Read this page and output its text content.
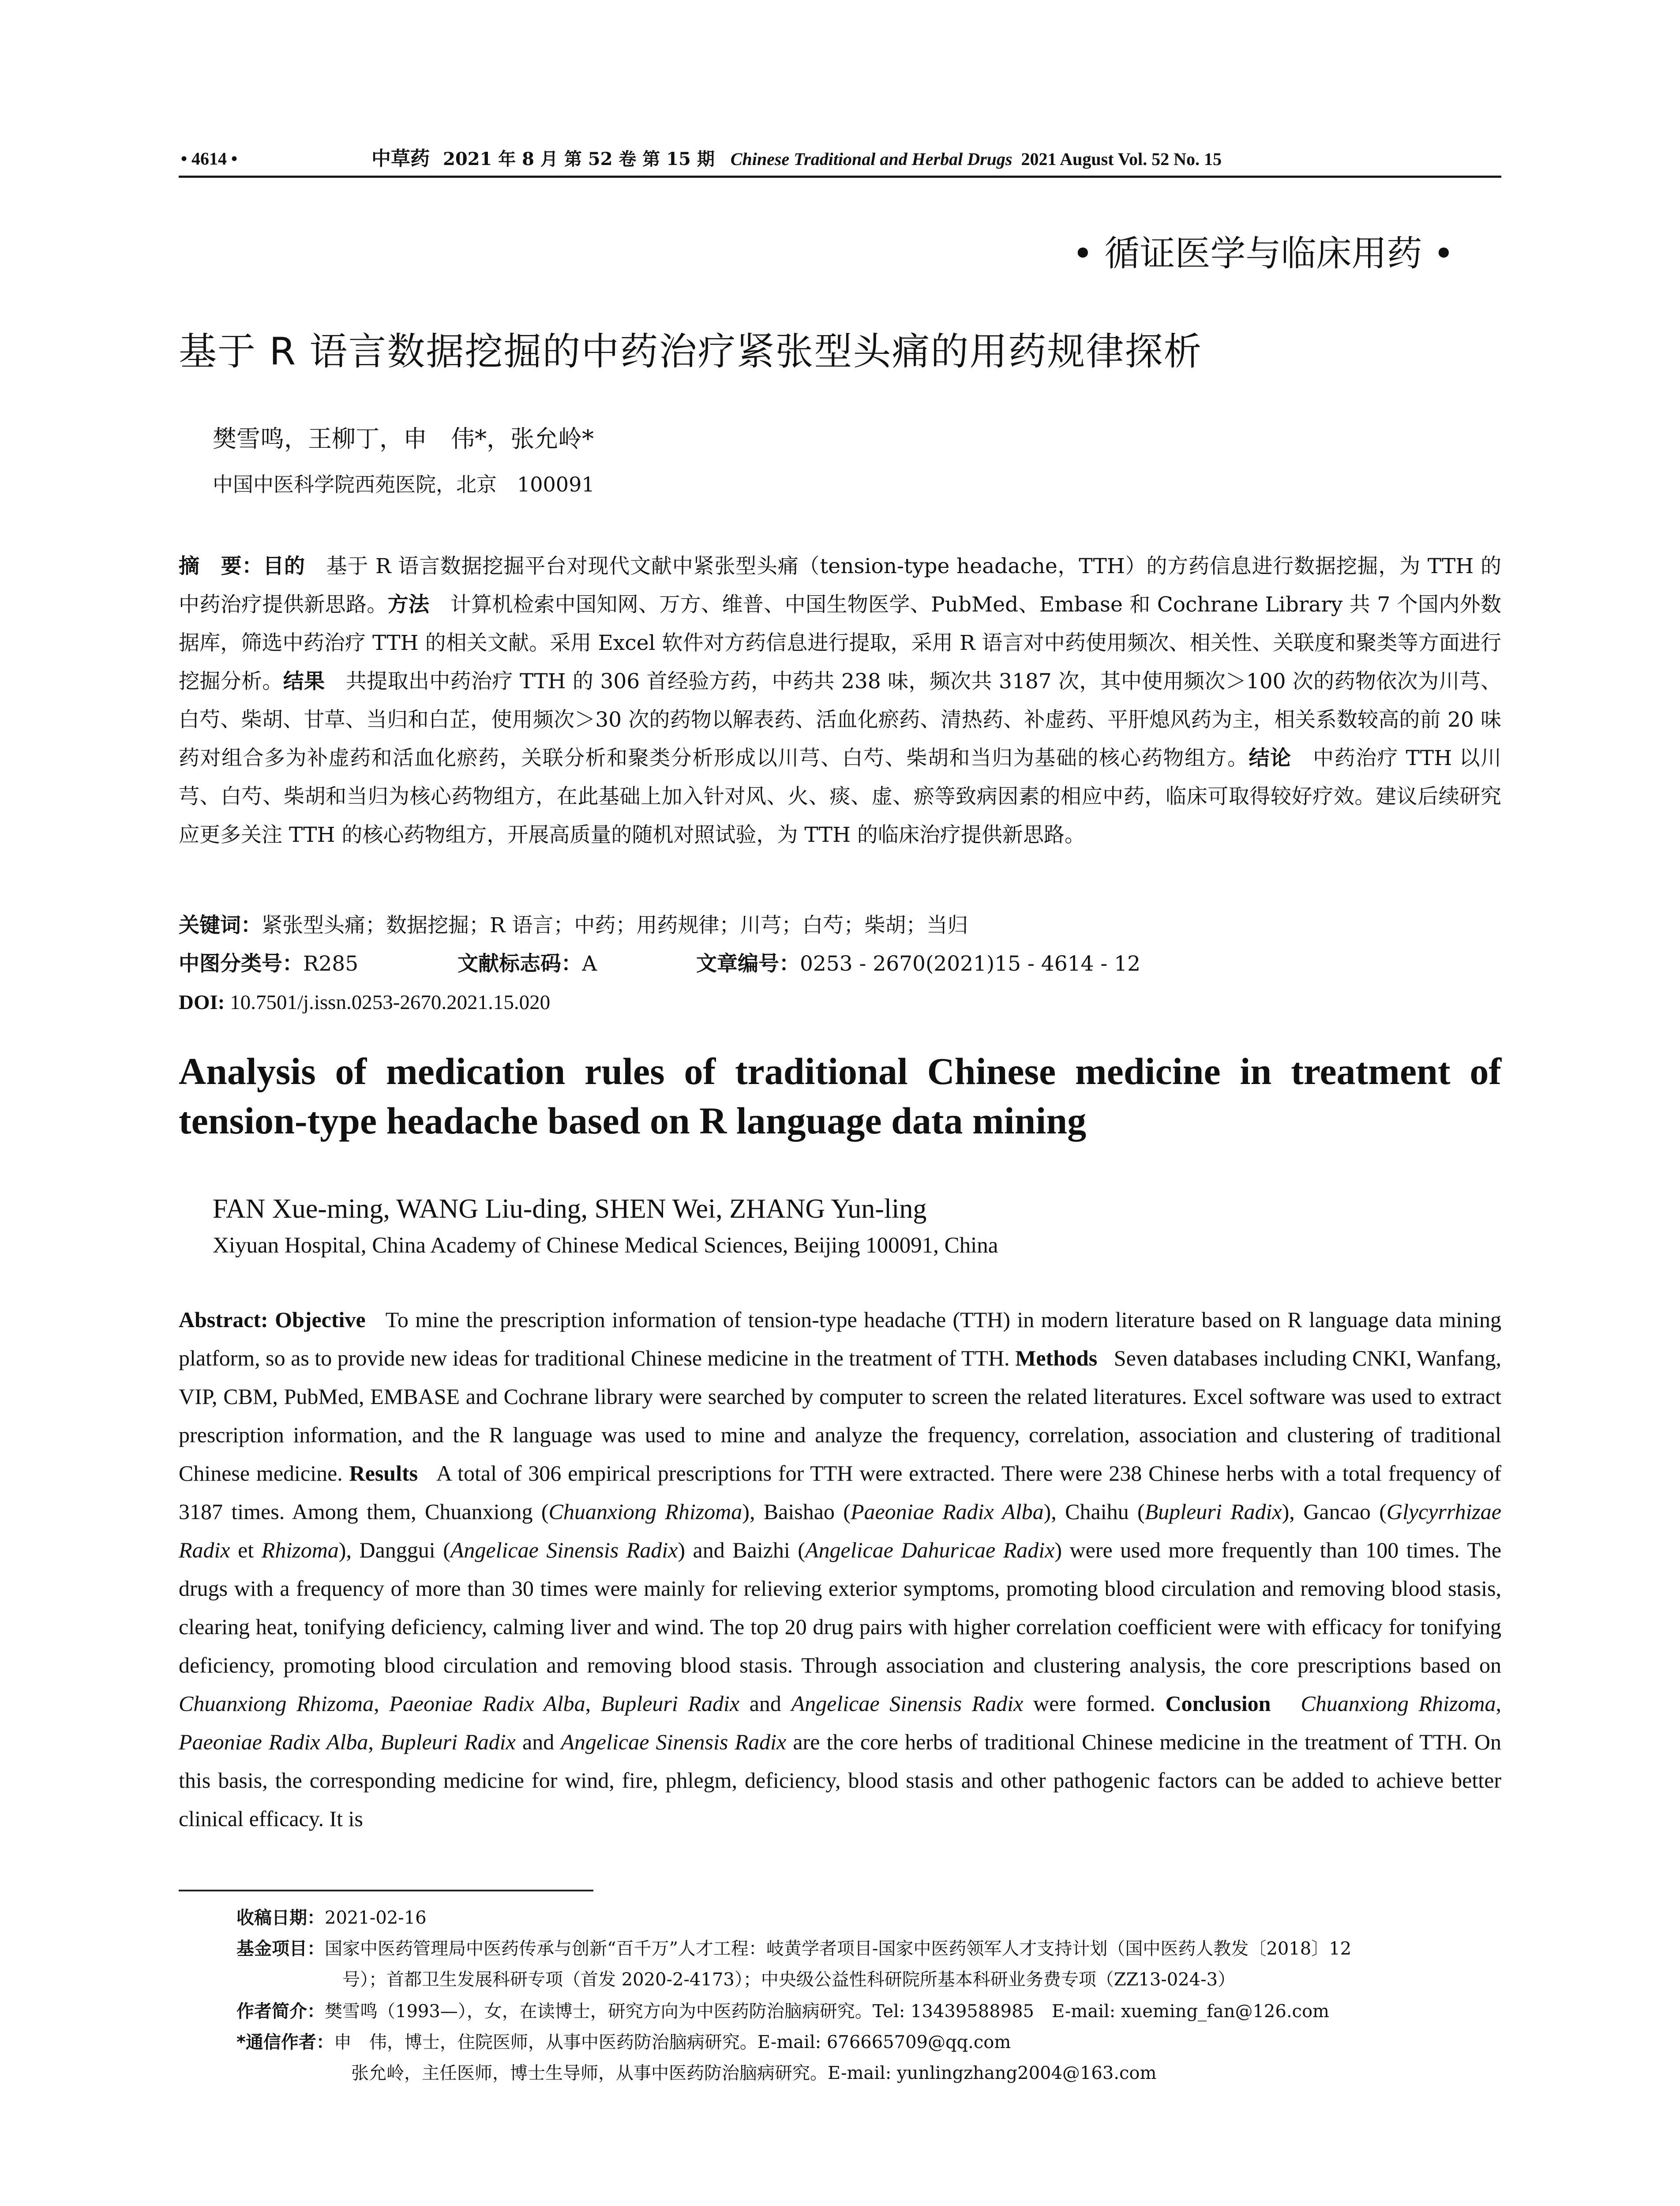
• 4614 •	中草药 2021 年 8 月 第 52 卷 第 15 期 Chinese Traditional and Herbal Drugs 2021 August Vol. 52 No. 15
• 循证医学与临床用药 •
基于 R 语言数据挖掘的中药治疗紧张型头痛的用药规律探析
樊雪鸣，王柳丁，申　伟*，张允岭*
中国中医科学院西苑医院，北京　100091
摘　要：目的　基于 R 语言数据挖掘平台对现代文献中紧张型头痛（tension-type headache，TTH）的方药信息进行数据挖掘，为 TTH 的中药治疗提供新思路。方法　计算机检索中国知网、万方、维普、中国生物医学、PubMed、Embase 和 Cochrane Library 共 7 个国内外数据库，筛选中药治疗 TTH 的相关文献。采用 Excel 软件对方药信息进行提取，采用 R 语言对中药使用频次、相关性、关联度和聚类等方面进行挖掘分析。结果　共提取出中药治疗 TTH 的 306 首经验方药，中药共 238 味，频次共 3187 次，其中使用频次＞100 次的药物依次为川芎、白芍、柴胡、甘草、当归和白芷，使用频次＞30 次的药物以解表药、活血化瘀药、清热药、补虚药、平肝熄风药为主，相关系数较高的前 20 味药对组合多为补虚药和活血化瘀药，关联分析和聚类分析形成以川芎、白芍、柴胡和当归为基础的核心药物组方。结论　中药治疗 TTH 以川芎、白芍、柴胡和当归为核心药物组方，在此基础上加入针对风、火、痰、虚、瘀等致病因素的相应中药，临床可取得较好疗效。建议后续研究应更多关注 TTH 的核心药物组方，开展高质量的随机对照试验，为 TTH 的临床治疗提供新思路。
关键词：紧张型头痛；数据挖掘；R 语言；中药；用药规律；川芎；白芍；柴胡；当归
中图分类号：R285	文献标志码：A	文章编号：0253 - 2670(2021)15 - 4614 - 12
DOI: 10.7501/j.issn.0253-2670.2021.15.020
Analysis of medication rules of traditional Chinese medicine in treatment of tension-type headache based on R language data mining
FAN Xue-ming, WANG Liu-ding, SHEN Wei, ZHANG Yun-ling
Xiyuan Hospital, China Academy of Chinese Medical Sciences, Beijing 100091, China
Abstract: Objective To mine the prescription information of tension-type headache (TTH) in modern literature based on R language data mining platform, so as to provide new ideas for traditional Chinese medicine in the treatment of TTH. Methods Seven databases including CNKI, Wanfang, VIP, CBM, PubMed, EMBASE and Cochrane library were searched by computer to screen the related literatures. Excel software was used to extract prescription information, and the R language was used to mine and analyze the frequency, correlation, association and clustering of traditional Chinese medicine. Results A total of 306 empirical prescriptions for TTH were extracted. There were 238 Chinese herbs with a total frequency of 3187 times. Among them, Chuanxiong (Chuanxiong Rhizoma), Baishao (Paeoniae Radix Alba), Chaihu (Bupleuri Radix), Gancao (Glycyrrhizae Radix et Rhizoma), Danggui (Angelicae Sinensis Radix) and Baizhi (Angelicae Dahuricae Radix) were used more frequently than 100 times. The drugs with a frequency of more than 30 times were mainly for relieving exterior symptoms, promoting blood circulation and removing blood stasis, clearing heat, tonifying deficiency, calming liver and wind. The top 20 drug pairs with higher correlation coefficient were with efficacy for tonifying deficiency, promoting blood circulation and removing blood stasis. Through association and clustering analysis, the core prescriptions based on Chuanxiong Rhizoma, Paeoniae Radix Alba, Bupleuri Radix and Angelicae Sinensis Radix were formed. Conclusion Chuanxiong Rhizoma, Paeoniae Radix Alba, Bupleuri Radix and Angelicae Sinensis Radix are the core herbs of traditional Chinese medicine in the treatment of TTH. On this basis, the corresponding medicine for wind, fire, phlegm, deficiency, blood stasis and other pathogenic factors can be added to achieve better clinical efficacy. It is
收稿日期：2021-02-16
基金项目：国家中医药管理局中医药传承与创新“百千万”人才工程：岐黄学者项目-国家中医药领军人才支持计划（国中医药人教发〔2018〕12
号）；首都卫生发展科研专项（首发 2020-2-4173）；中央级公益性科研院所基本科研业务费专项（ZZ13-024-3）
作者简介：樊雪鸣（1993—），女，在读博士，研究方向为中医药防治脑病研究。Tel: 13439588985　E-mail: xueming_fan@126.com
*通信作者：申　伟，博士，住院医师，从事中医药防治脑病研究。E-mail: 676665709@qq.com
张允岭，主任医师，博士生导师，从事中医药防治脑病研究。E-mail: yunlingzhang2004@163.com
